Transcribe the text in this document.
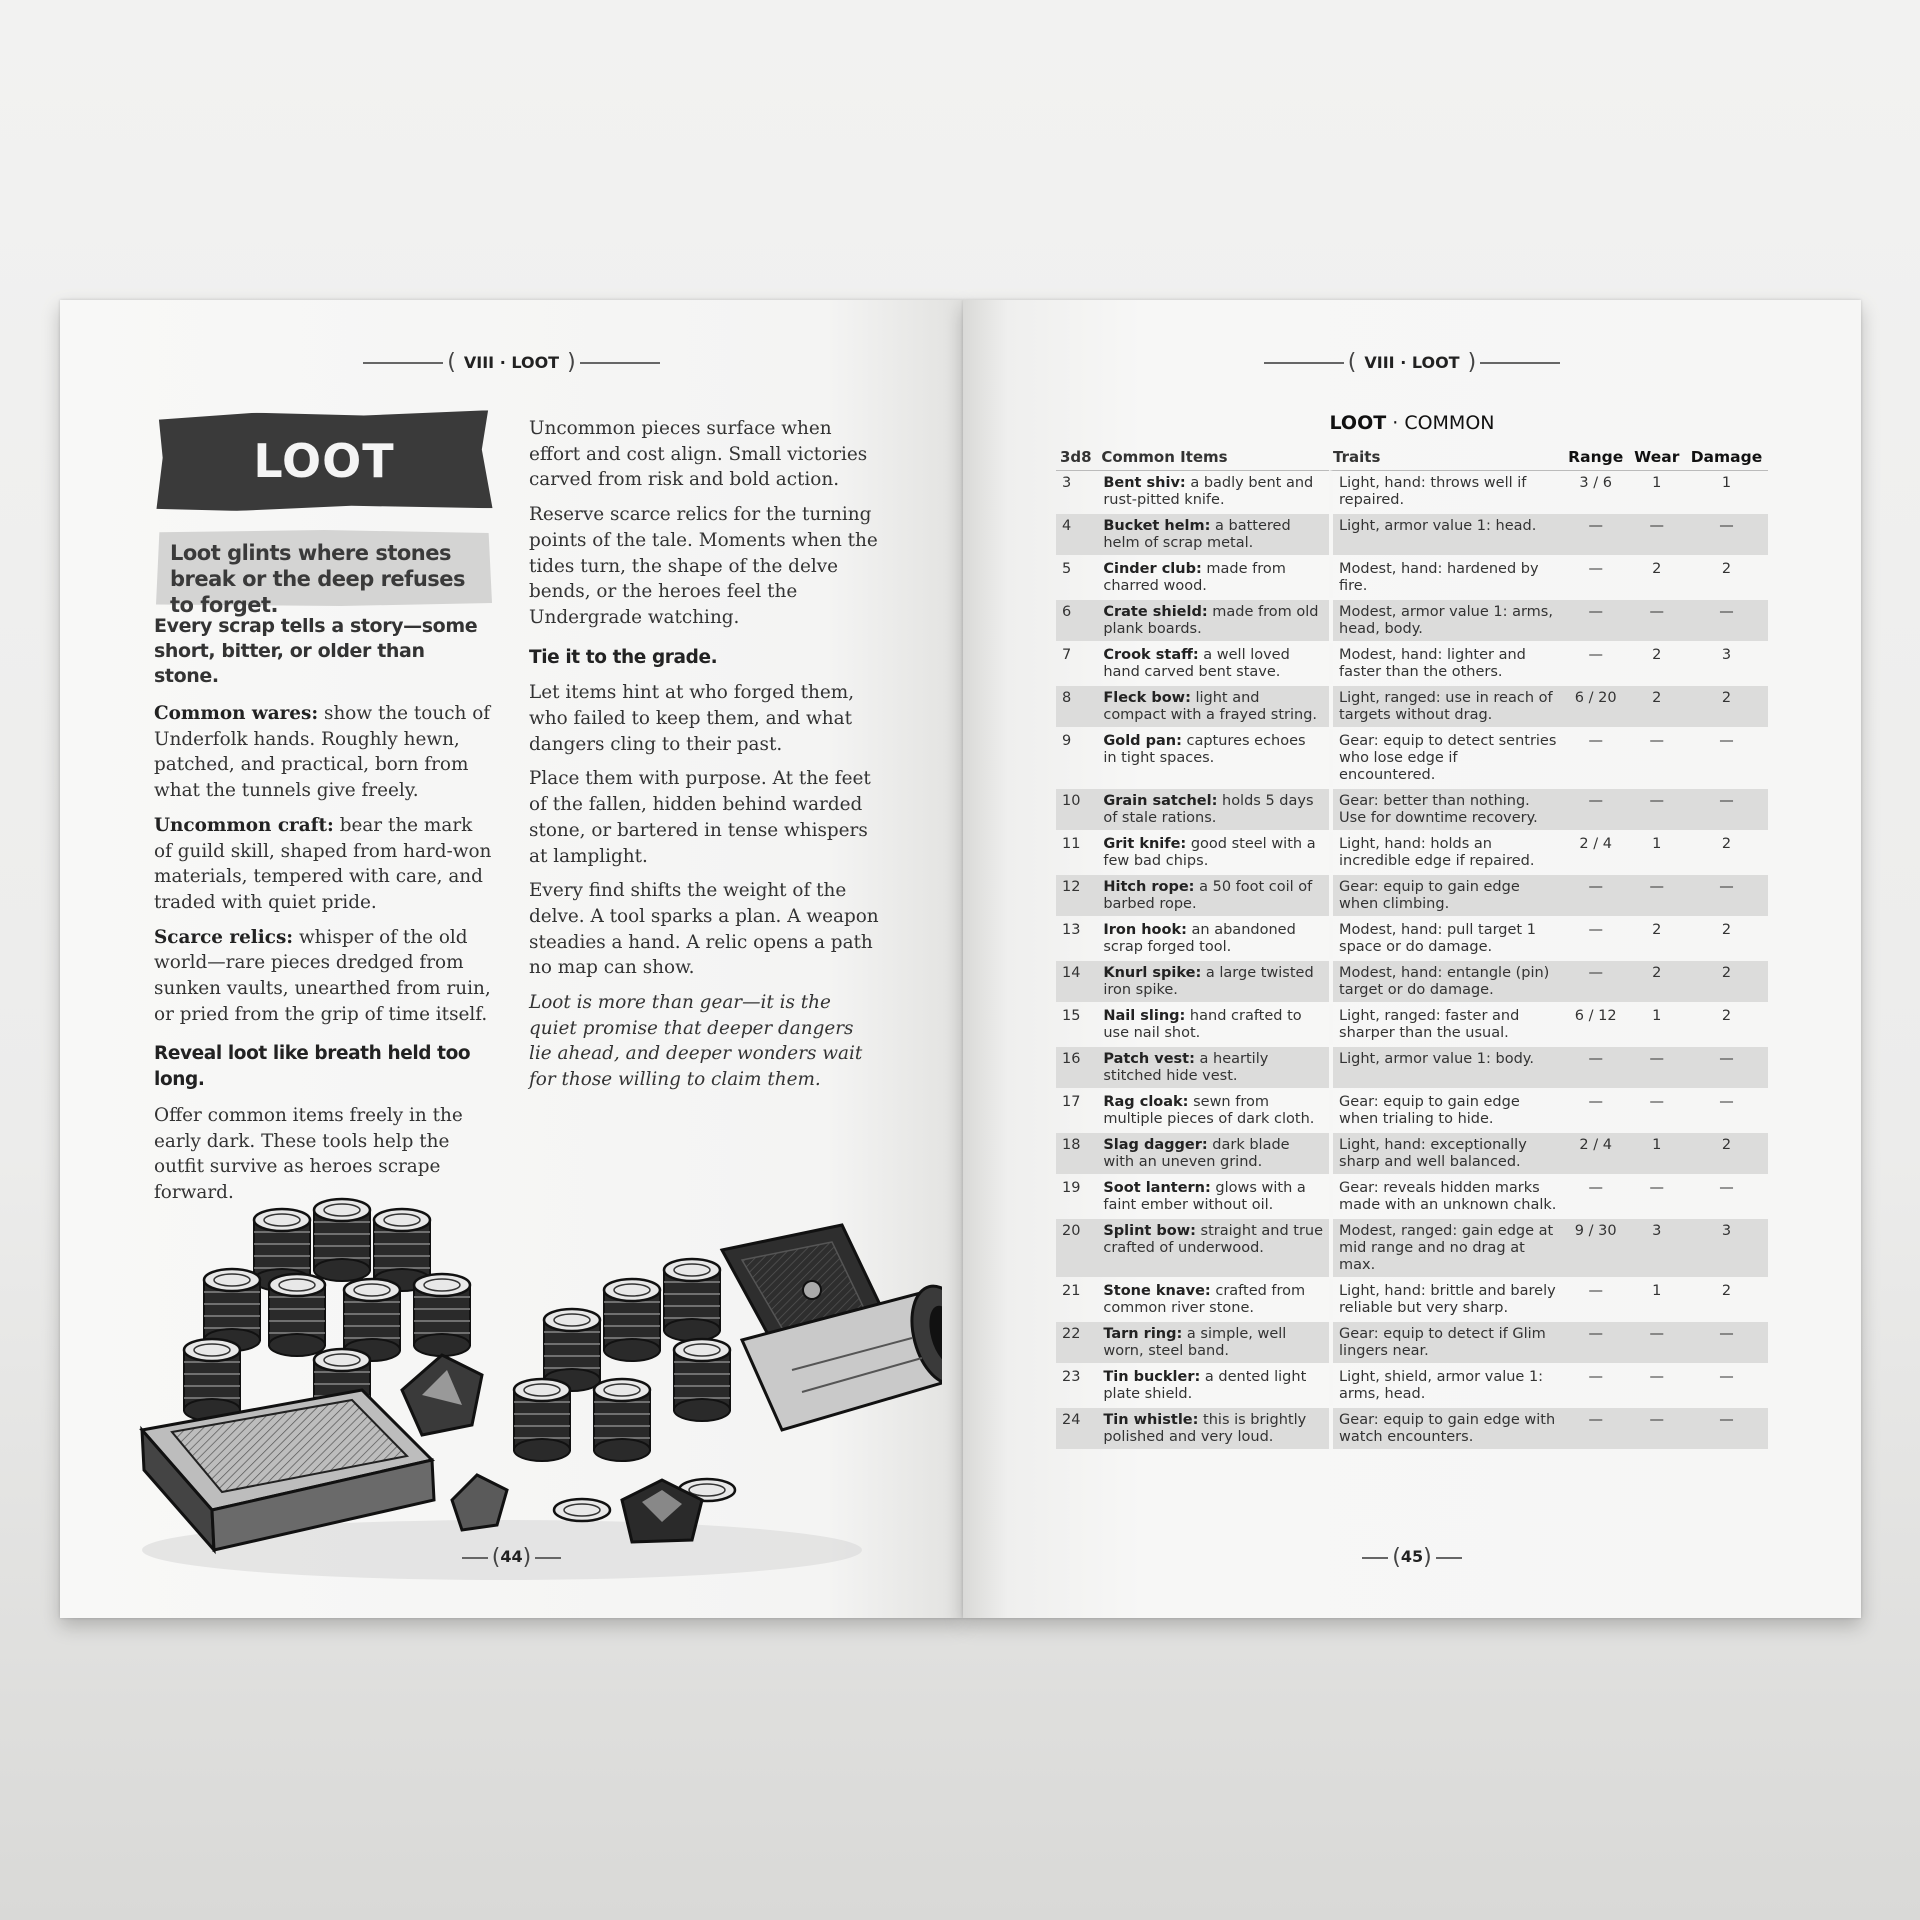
( VIII · LOOT )
LOOT
Loot glints where stones break or the deep refuses to forget.

Every scrap tells a story—some short, bitter, or older than stone.

Common wares: show the touch of Underfolk hands. Roughly hewn, patched, and practical, born from what the tunnels give freely.

Uncommon craft: bear the mark of guild skill, shaped from hard-won materials, tempered with care, and traded with quiet pride.

Scarce relics: whisper of the old world—rare pieces dredged from sunken vaults, unearthed from ruin, or pried from the grip of time itself.

Reveal loot like breath held too long.

Offer common items freely in the early dark. These tools help the outfit survive as heroes scrape forward.

Uncommon pieces surface when effort and cost align. Small victories carved from risk and bold action.

Reserve scarce relics for the turning points of the tale. Moments when the tides turn, the shape of the delve bends, or the heroes feel the Undergrade watching.

Tie it to the grade.

Let items hint at who forged them, who failed to keep them, and what dangers cling to their past.

Place them with purpose. At the feet of the fallen, hidden behind warded stone, or bartered in tense whispers at lamplight.

Every find shifts the weight of the delve. A tool sparks a plan. A weapon steadies a hand. A relic opens a path no map can show.

Loot is more than gear—it is the quiet promise that deeper dangers lie ahead, and deeper wonders wait for those willing to claim them.

(44)
( VIII · LOOT )
LOOT · COMMON
3d8	Common Items	Traits	Range	Wear	Damage
3	Bent shiv: a badly bent and rust-pitted knife.	Light, hand: throws well if repaired.	3 / 6	1	1
4	Bucket helm: a battered helm of scrap metal.	Light, armor value 1: head.	—	—	—
5	Cinder club: made from charred wood.	Modest, hand: hardened by fire.	—	2	2
6	Crate shield: made from old plank boards.	Modest, armor value 1: arms, head, body.	—	—	—
7	Crook staff: a well loved hand carved bent stave.	Modest, hand: lighter and faster than the others.	—	2	3
8	Fleck bow: light and compact with a frayed string.	Light, ranged: use in reach of targets without drag.	6 / 20	2	2
9	Gold pan: captures echoes in tight spaces.	Gear: equip to detect sentries who lose edge if encountered.	—	—	—
10	Grain satchel: holds 5 days of stale rations.	Gear: better than nothing. Use for downtime recovery.	—	—	—
11	Grit knife: good steel with a few bad chips.	Light, hand: holds an incredible edge if repaired.	2 / 4	1	2
12	Hitch rope: a 50 foot coil of barbed rope.	Gear: equip to gain edge when climbing.	—	—	—
13	Iron hook: an abandoned scrap forged tool.	Modest, hand: pull target 1 space or do damage.	—	2	2
14	Knurl spike: a large twisted iron spike.	Modest, hand: entangle (pin) target or do damage.	—	2	2
15	Nail sling: hand crafted to use nail shot.	Light, ranged: faster and sharper than the usual.	6 / 12	1	2
16	Patch vest: a heartily stitched hide vest.	Light, armor value 1: body.	—	—	—
17	Rag cloak: sewn from multiple pieces of dark cloth.	Gear: equip to gain edge when trialing to hide.	—	—	—
18	Slag dagger: dark blade with an uneven grind.	Light, hand: exceptionally sharp and well balanced.	2 / 4	1	2
19	Soot lantern: glows with a faint ember without oil.	Gear: reveals hidden marks made with an unknown chalk.	—	—	—
20	Splint bow: straight and true crafted of underwood.	Modest, ranged: gain edge at mid range and no drag at max.	9 / 30	3	3
21	Stone knave: crafted from common river stone.	Light, hand: brittle and barely reliable but very sharp.	—	1	2
22	Tarn ring: a simple, well worn, steel band.	Gear: equip to detect if Glim lingers near.	—	—	—
23	Tin buckler: a dented light plate shield.	Light, shield, armor value 1: arms, head.	—	—	—
24	Tin whistle: this is brightly polished and very loud.	Gear: equip to gain edge with watch encounters.	—	—	—
(45)
